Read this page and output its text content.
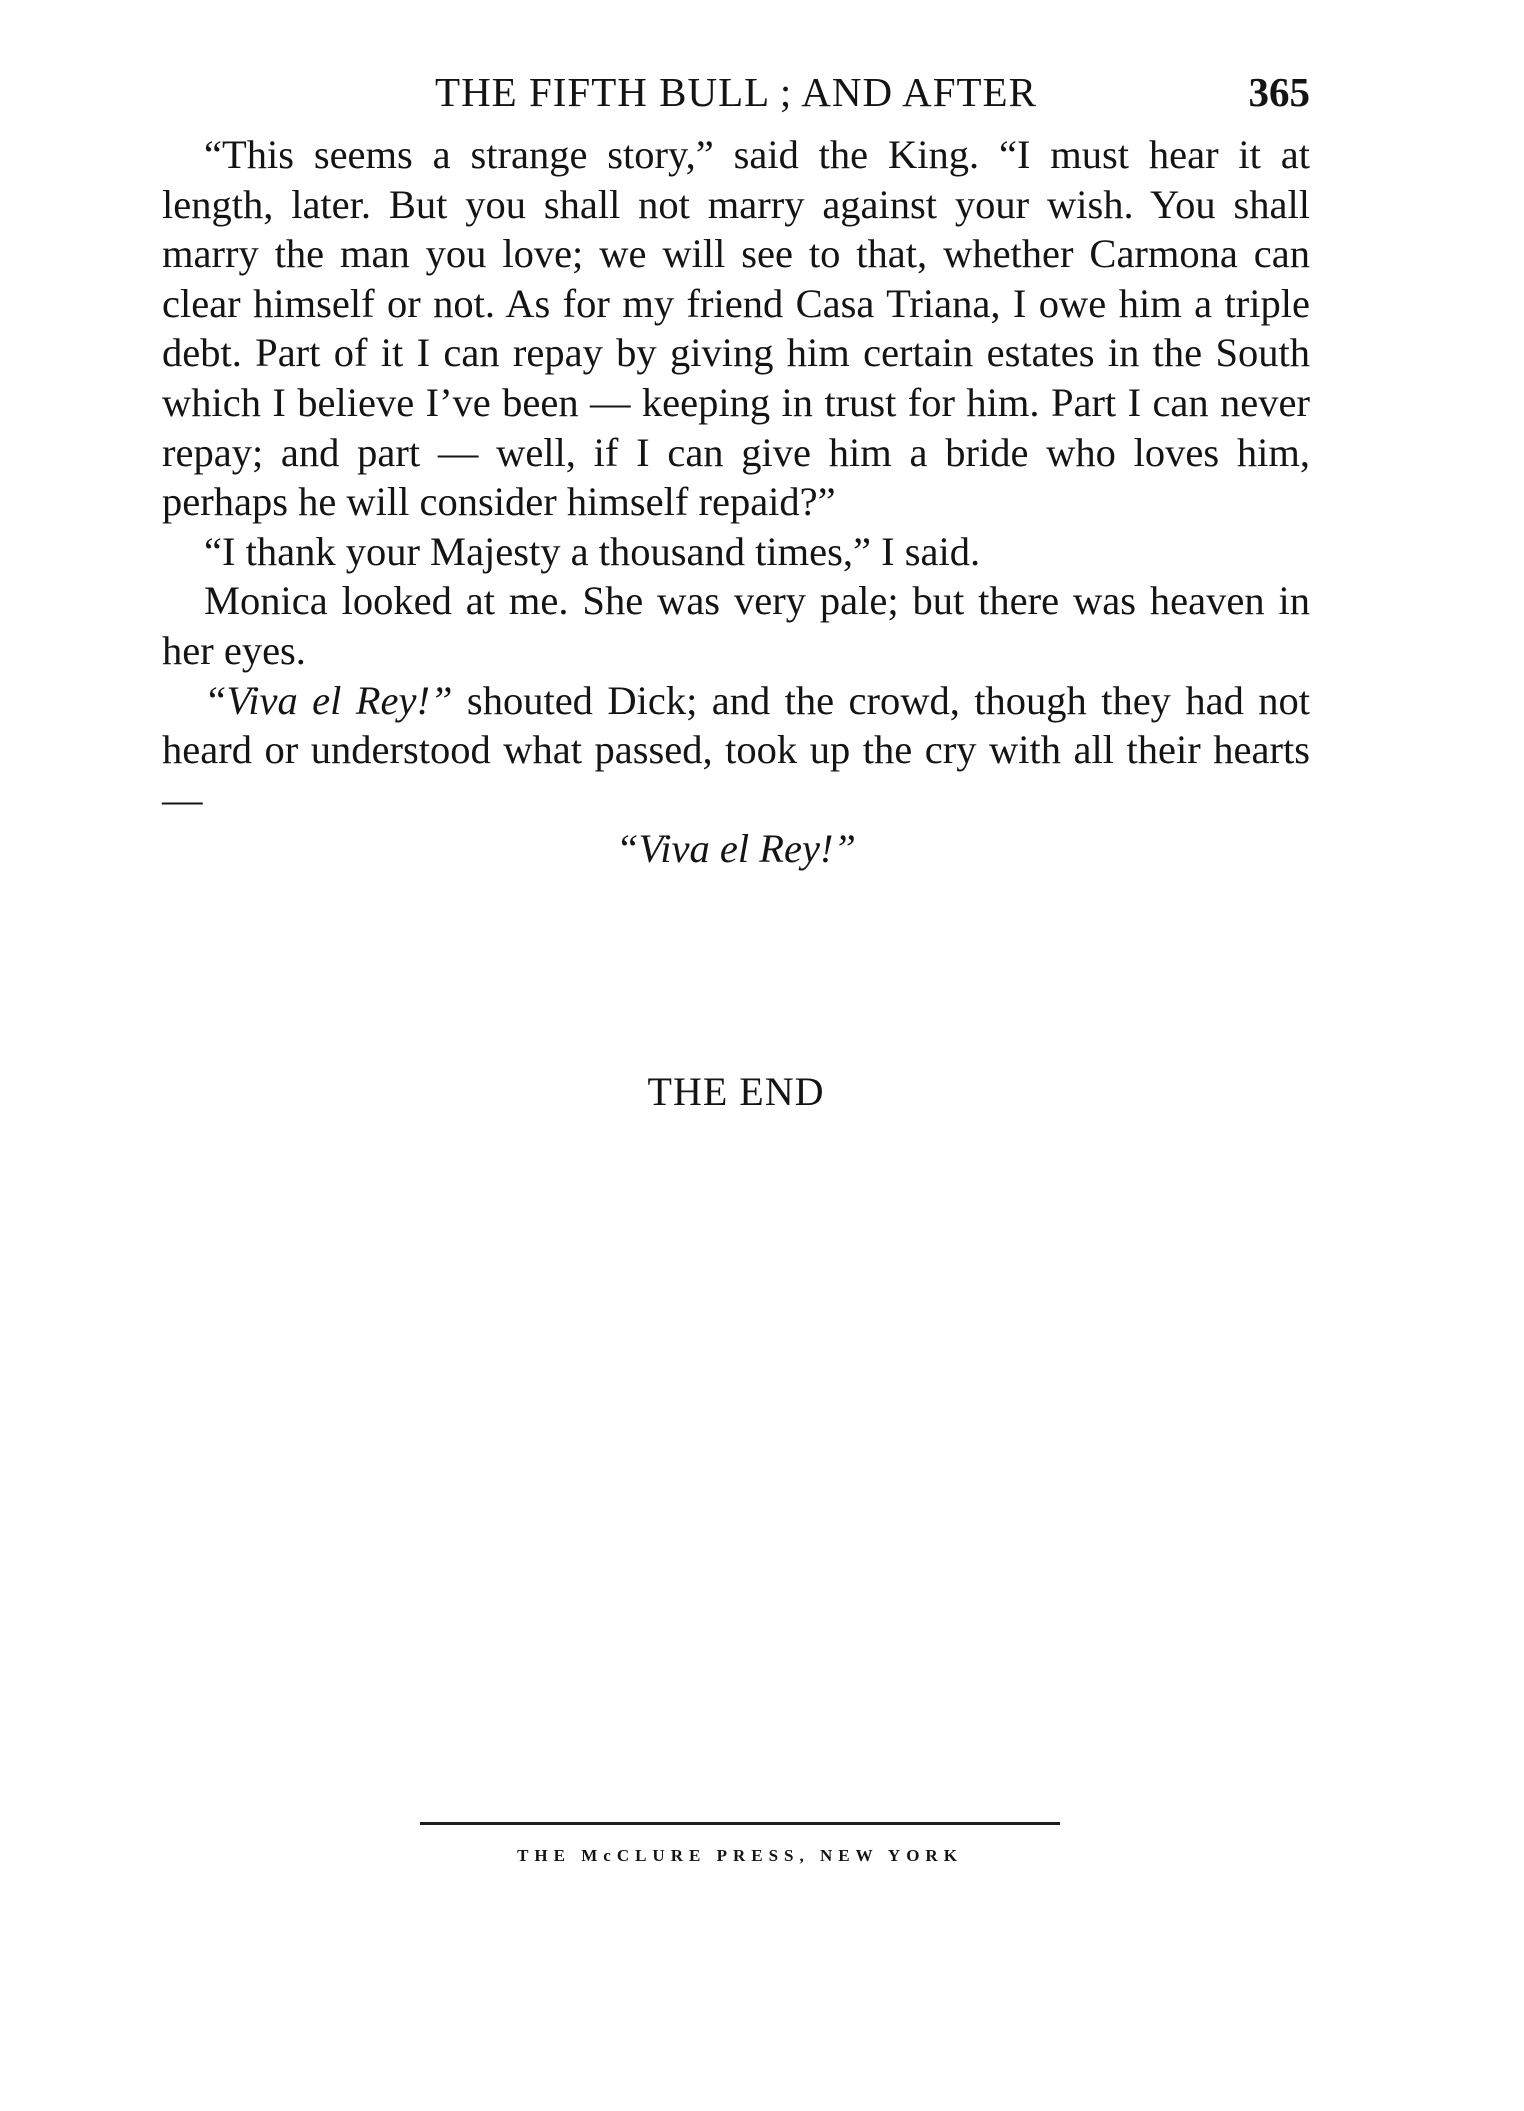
THE FIFTH BULL ; AND AFTER	365

“This seems a strange story,” said the King. “I must hear it at length, later. But you shall not marry against your wish. You shall marry the man you love; we will see to that, whether Carmona can clear himself or not. As for my friend Casa Triana, I owe him a triple debt. Part of it I can repay by giving him certain estates in the South which I believe I’ve been — keeping in trust for him. Part I can never repay; and part — well, if I can give him a bride who loves him, perhaps he will consider himself repaid?”

“I thank your Majesty a thousand times,” I said.

Monica looked at me. She was very pale; but there was heaven in her eyes.

“Viva el Rey!” shouted Dick; and the crowd, though they had not heard or understood what passed, took up the cry with all their hearts —

“Viva el Rey!”

THE END
THE McCLURE PRESS, NEW YORK
